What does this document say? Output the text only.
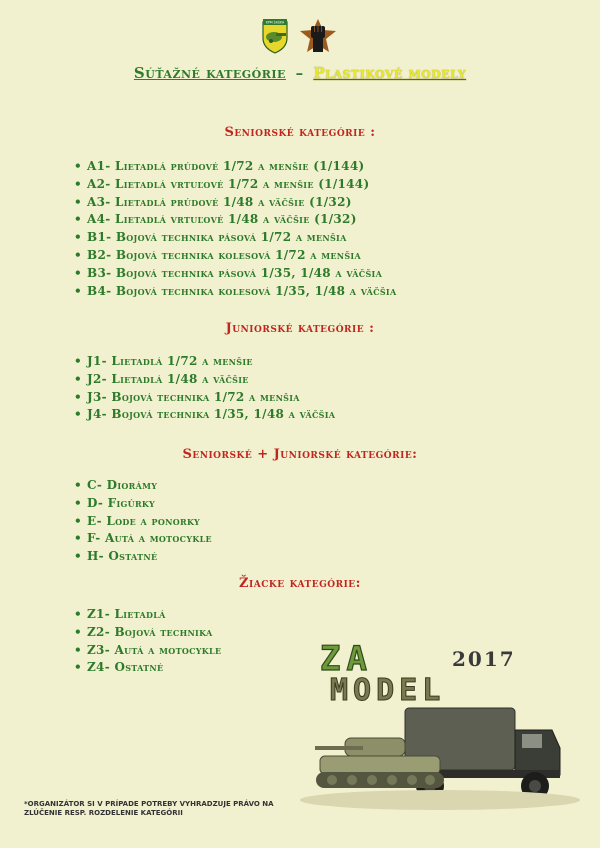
KPM ŠAŠKA

Súťažné kategórie – Plastikové modely
Seniorské kategórie :
• A1- Lietadlá prúdové 1/72 a menšie (1/144)
• A2- Lietadlá vrtuľové 1/72 a menšie (1/144)
• A3- Lietadlá prúdové 1/48 a väčšie (1/32)
• A4- Lietadlá vrtuľové 1/48 a väčšie (1/32)
• B1- Bojová technika pásová 1/72 a menšia
• B2- Bojová technika kolesová 1/72 a menšia
• B3- Bojová technika pásová 1/35, 1/48 a väčšia
• B4- Bojová technika kolesová 1/35, 1/48 a väčšia
Juniorské kategórie :
• J1- Lietadlá 1/72 a menšie
• J2- Lietadlá 1/48 a väčšie
• J3- Bojová technika 1/72 a menšia
• J4- Bojová technika 1/35, 1/48 a väčšia
Seniorské + Juniorské kategórie:
• C- Diorámy
• D- Figúrky
• E- Lode a ponorky
• F- Autá a motocykle
• H- Ostatné
Žiacke kategórie:
• Z1- Lietadlá
• Z2- Bojová technika
• Z3- Autá a motocykle
• Z4- Ostatné	ZA	2017
MODEL
*ORGANIZÁTOR SI V PRÍPADE POTREBY VYHRADZUJE PRÁVO NA ZLÚČENIE RESP. ROZDELENIE KATEGÓRII
